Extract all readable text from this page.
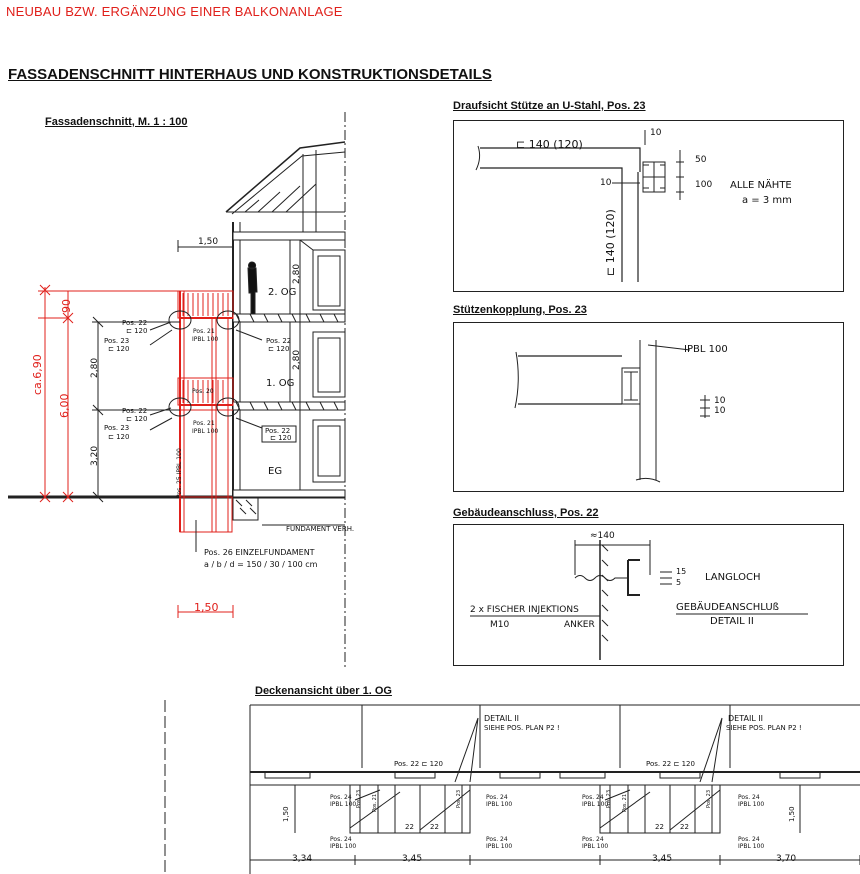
NEUBAU BZW. ERGÄNZUNG EINER BALKONANLAGE
FASSADENSCHNITT HINTERHAUS UND KONSTRUKTIONSDETAILS
Fassadenschnitt, M. 1 : 100
Draufsicht Stütze an U-Stahl, Pos. 23
Stützenkopplung, Pos. 23
Gebäudeanschluss, Pos. 22
Deckenansicht über 1. OG
ca.6,90
90
6,00
1,50
1,50
2,80
3,20
2,80
2,80
2. OG
1. OG
EG
Pos. 22
⊏ 120
Pos. 23
⊏ 120
Pos. 21
IPBL 100	Pos. 22
⊏ 120
Pos. 22
⊏ 120
Pos. 23
⊏ 120
Pos. 21
IPBL 100	Pos. 22
⊏ 120
Pos. 25 IPBL 100
Pos. 20
FUNDAMENT VERH.
Pos. 26 EINZELFUNDAMENT
a / b / d = 150 / 30 / 100 cm
⊏ 140 (120)
⊏ 140 (120)
10
50
100
10	ALLE NÄHTE
a = 3 mm
IPBL 100
10
10
≈140
15
5 LANGLOCH
2 x FISCHER INJEKTIONS
M10	ANKER
GEBÄUDEANSCHLUß
DETAIL II
DETAIL II
SIEHE POS. PLAN P2 !
DETAIL II
SIEHE POS. PLAN P2 !
Pos. 22 ⊏ 120	Pos. 22 ⊏ 120
Pos. 24
IPBL 100
Pos. 24
IPBL 100
Pos. 24
IPBL 100
Pos. 24
IPBL 100
Pos. 24
IPBL 100
Pos. 24
IPBL 100
Pos. 24
IPBL 100
Pos. 24
IPBL 100
Pos. 23	Pos. 23	Pos. 23	Pos. 23
Pos. 21	Pos. 21
22 22	22 22
1,50	1,50
3,34	3,45	3,45	3,70
